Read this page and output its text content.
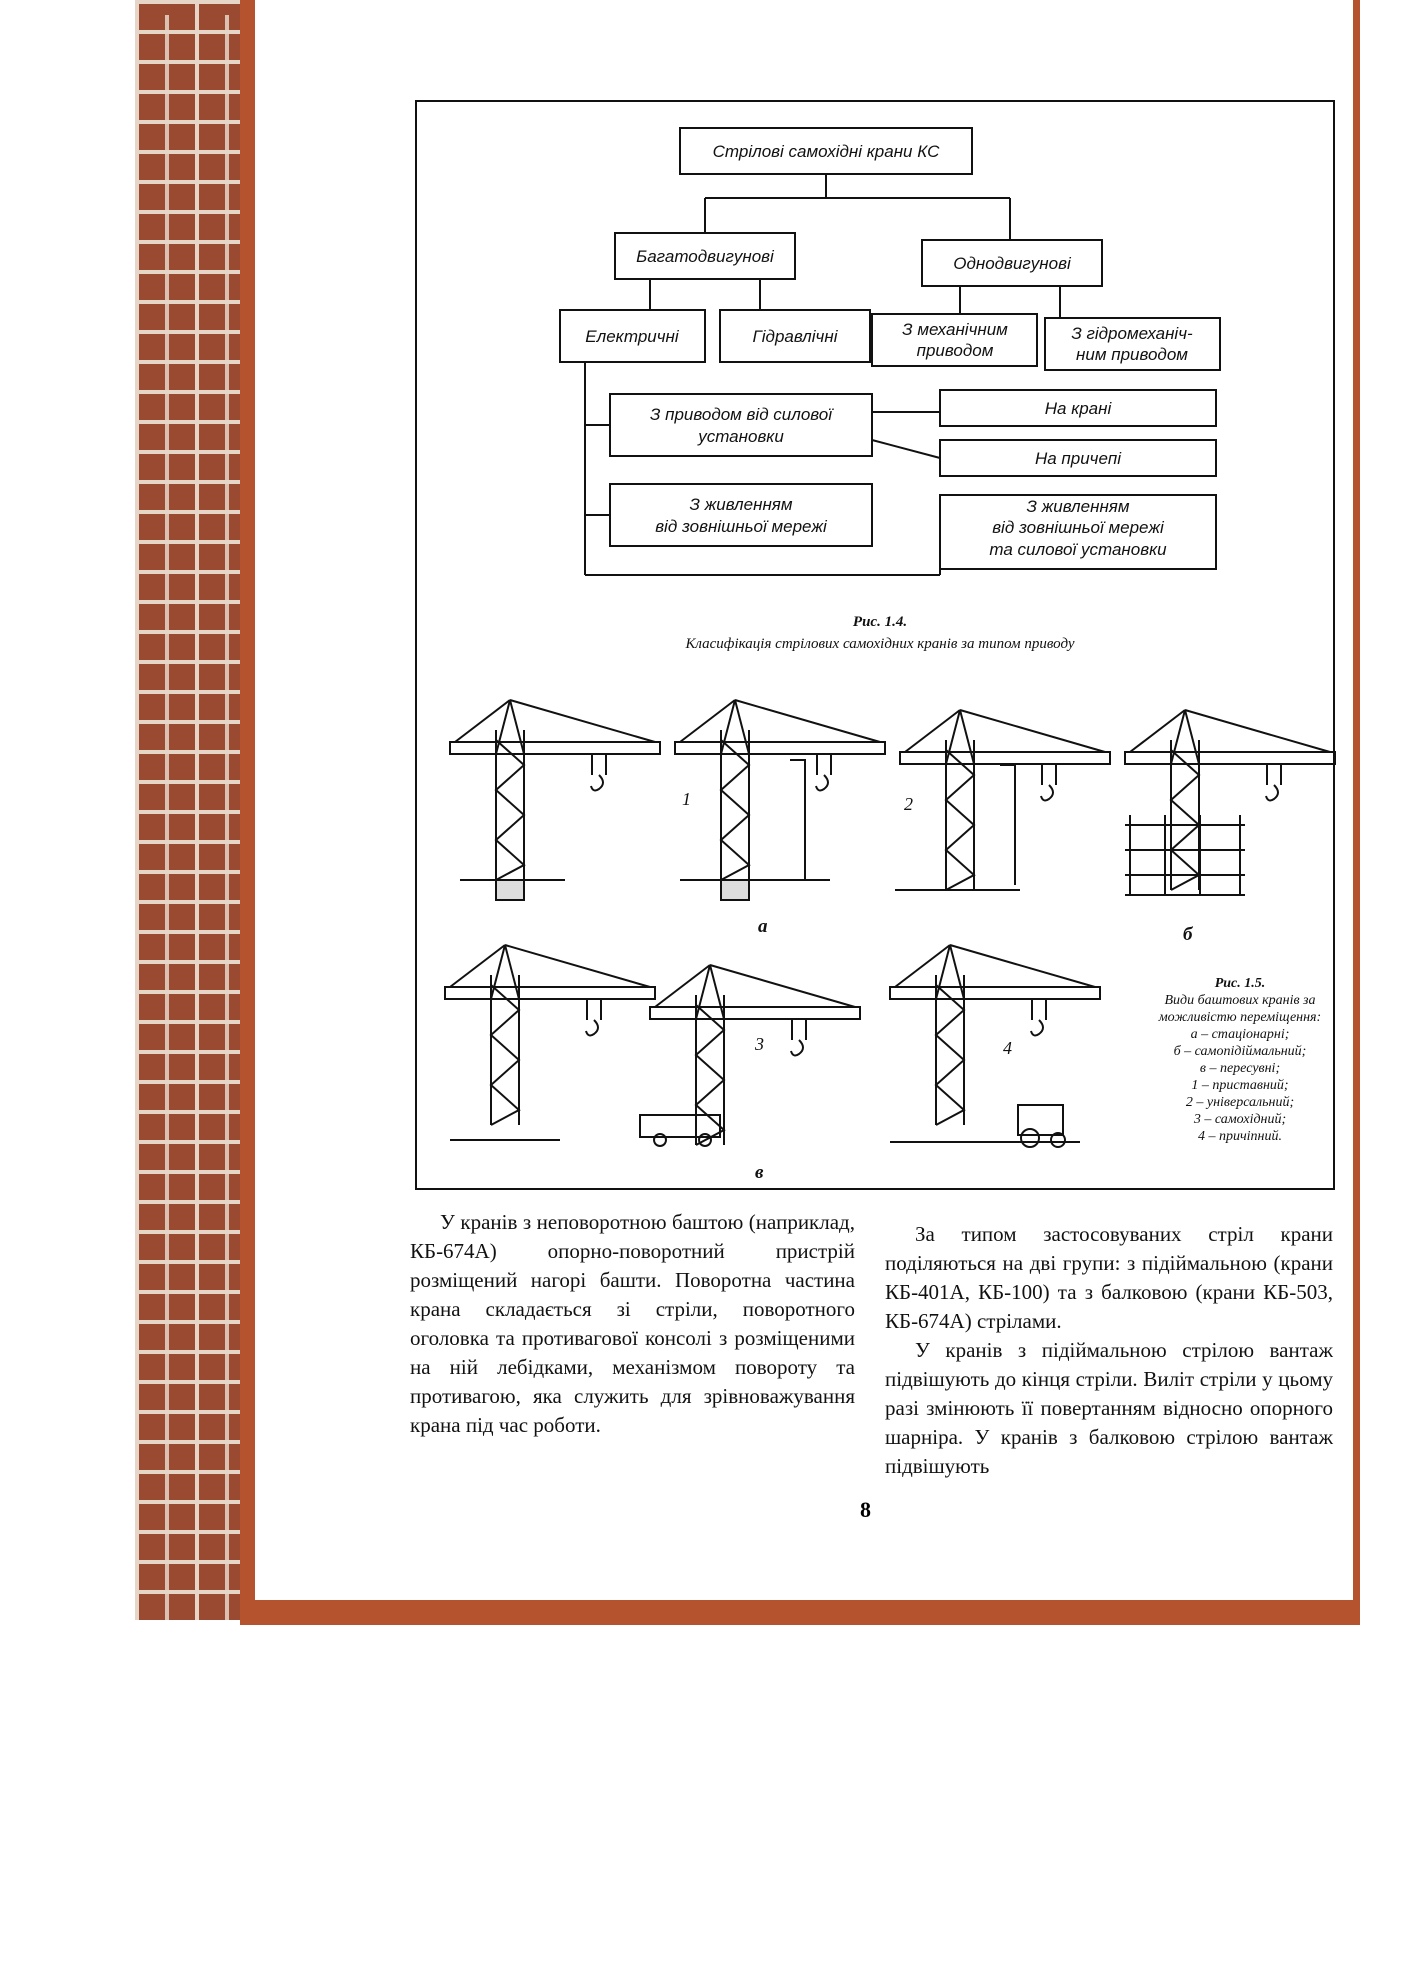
Стрілові самохідні крани КС
Багатодвигунові	Однодвигунові
Електричні	Гідравлічні	З механічним
приводом
З гідромеханіч-
ним приводом
З приводом від силової
установки
На крані
На причепі
З живленням
від зовнішньої мережі
З живленням
від зовнішньої мережі
та силової установки
1	2
3	4
а	б
в
Рис. 1.4.
Класифікація стрілових самохідних кранів за типом приводу
Рис. 1.5.
Види баштових кранів за
можливістю переміщення:
а – стаціонарні;
б – самопідіймальний;
в – пересувні;
1 – приставний;
2 – універсальний;
3 – самохідний;
4 – причіпний.

У кранів з неповоротною баштою (наприклад, КБ-674А) опорно-поворотний пристрій розміщений нагорі башти. Поворотна частина крана складається зі стріли, поворотного оголовка та противагової консолі з розміщеними на ній лебідками, механізмом повороту та противагою, яка служить для зрівноважування крана під час роботи.

За типом застосовуваних стріл крани поділяються на дві групи: з підіймальною (крани КБ-401А, КБ-100) та з балковою (крани КБ-503, КБ-674А) стрілами.

У кранів з підіймальною стрілою вантаж підвішують до кінця стріли. Виліт стріли у цьому разі змінюють її повертанням відносно опорного шарніра. У кранів з балковою стрілою вантаж підвішують

8
